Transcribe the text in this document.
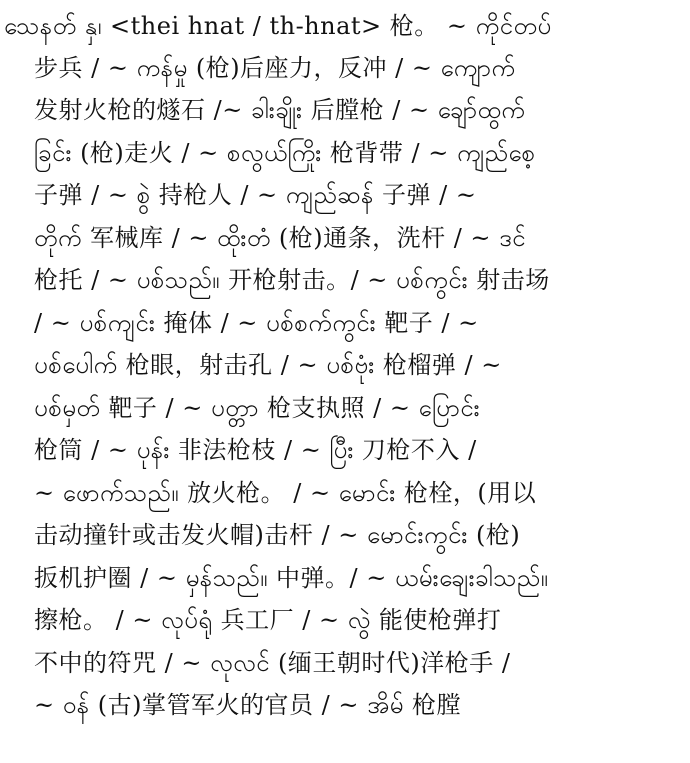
သေနတ် နှ၊ <thei hnat / th-hnat> 枪。 ~ ကိုင်တပ်
步兵 / ~ ကန်မှု (枪)后座力，反冲 / ~ ကျောက်
发射火枪的燧石 /~ ခါးချိုး 后膛枪 / ~ ချော်ထွက်
ခြင်း (枪)走火 / ~ စလွယ်ကြိုး 枪背带 / ~ ကျည်စေ့
子弹 / ~ စွဲ 持枪人 / ~ ကျည်ဆန် 子弹 / ~
တိုက် 军械库 / ~ ထိုးတံ (枪)通条，洗杆 / ~ ဒင်
枪托 / ~ ပစ်သည်။ 开枪射击。/ ~ ပစ်ကွင်း 射击场
/ ~ ပစ်ကျင်း 掩体 / ~ ပစ်စက်ကွင်း 靶子 / ~
ပစ်ပေါက် 枪眼，射击孔 / ~ ပစ်ဗုံး 枪榴弹 / ~
ပစ်မှတ် 靶子 / ~ ပတ္တာ 枪支执照 / ~ ပြောင်း
枪筒 / ~ ပုန်း 非法枪枝 / ~ ပြီး 刀枪不入 /
~ ဖောက်သည်။ 放火枪。 / ~ မောင်း 枪栓，(用以
击动撞针或击发火帽)击杆 / ~ မောင်းကွင်း (枪)
扳机护圈 / ~ မှန်သည်။ 中弹。/ ~ ယမ်းချေးခါသည်။
擦枪。 / ~ လုပ်ရုံ 兵工厂 / ~ လွဲ 能使枪弹打
不中的符咒 / ~ လုလင် (缅王朝时代)洋枪手 /
~ ဝန် (古)掌管军火的官员 / ~ အိမ် 枪膛
